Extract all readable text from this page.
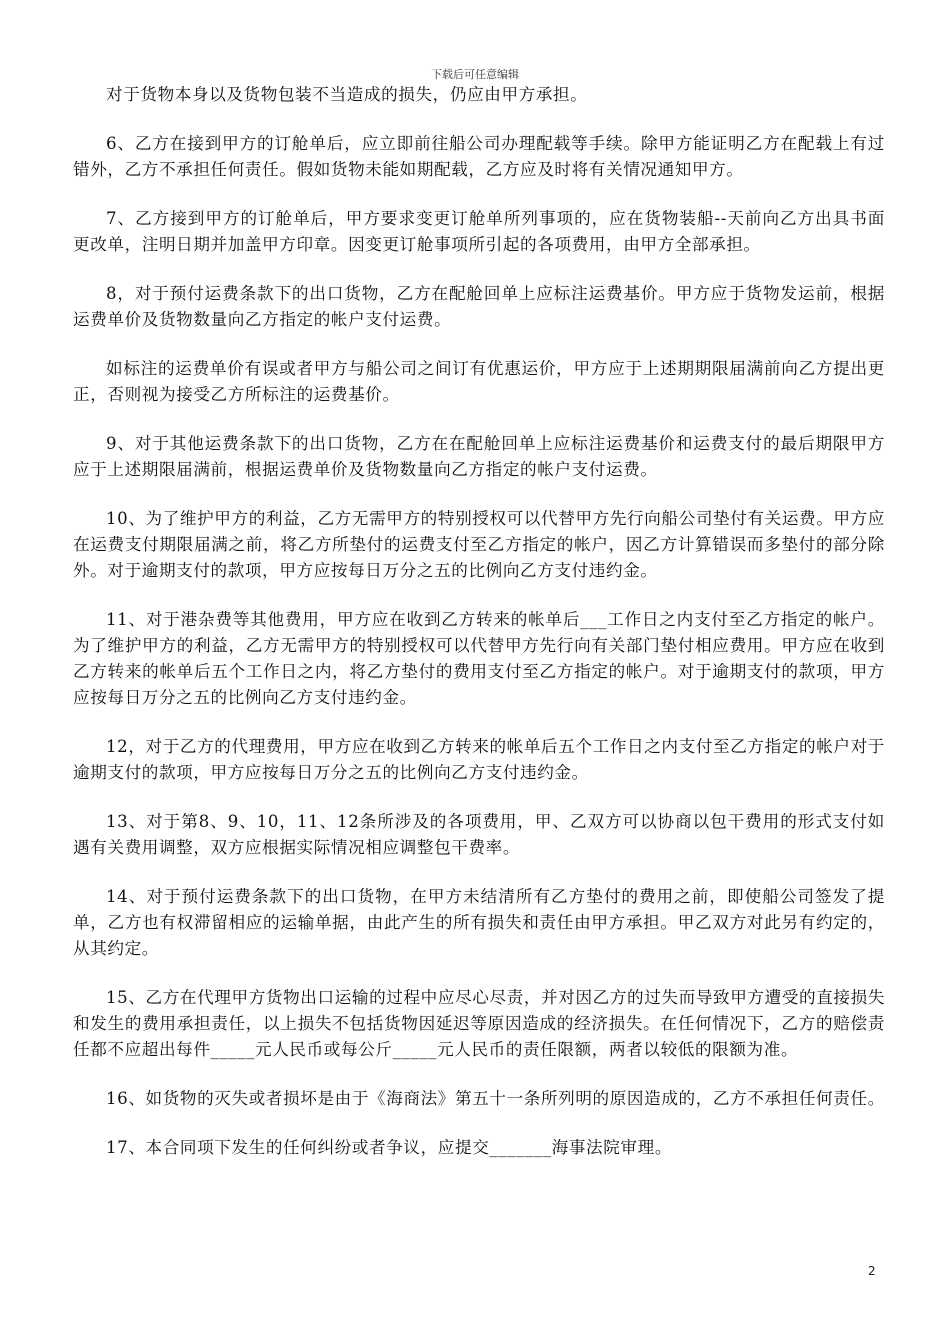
下载后可任意编辑

对于货物本身以及货物包装不当造成的损失，仍应由甲方承担。

6、乙方在接到甲方的订舱单后，应立即前往船公司办理配载等手续。除甲方能证明乙方在配载上有过错外，乙方不承担任何责任。假如货物未能如期配载，乙方应及时将有关情况通知甲方。

7、乙方接到甲方的订舱单后，甲方要求变更订舱单所列事项的，应在货物装船--天前向乙方出具书面更改单，注明日期并加盖甲方印章。因变更订舱事项所引起的各项费用，由甲方全部承担。

8，对于预付运费条款下的出口货物，乙方在配舱回单上应标注运费基价。甲方应于货物发运前，根据运费单价及货物数量向乙方指定的帐户支付运费。

如标注的运费单价有误或者甲方与船公司之间订有优惠运价，甲方应于上述期期限届满前向乙方提出更正，否则视为接受乙方所标注的运费基价。

9、对于其他运费条款下的出口货物，乙方在在配舱回单上应标注运费基价和运费支付的最后期限甲方应于上述期限届满前，根据运费单价及货物数量向乙方指定的帐户支付运费。

10、为了维护甲方的利益，乙方无需甲方的特别授权可以代替甲方先行向船公司垫付有关运费。甲方应在运费支付期限届满之前，将乙方所垫付的运费支付至乙方指定的帐户，因乙方计算错误而多垫付的部分除外。对于逾期支付的款项，甲方应按每日万分之五的比例向乙方支付违约金。

11、对于港杂费等其他费用，甲方应在收到乙方转来的帐单后___工作日之内支付至乙方指定的帐户。为了维护甲方的利益，乙方无需甲方的特别授权可以代替甲方先行向有关部门垫付相应费用。甲方应在收到乙方转来的帐单后五个工作日之内，将乙方垫付的费用支付至乙方指定的帐户。对于逾期支付的款项，甲方应按每日万分之五的比例向乙方支付违约金。

12，对于乙方的代理费用，甲方应在收到乙方转来的帐单后五个工作日之内支付至乙方指定的帐户对于逾期支付的款项，甲方应按每日万分之五的比例向乙方支付违约金。

13、对于第8、9、10，11、12条所涉及的各项费用，甲、乙双方可以协商以包干费用的形式支付如遇有关费用调整，双方应根据实际情况相应调整包干费率。

14、对于预付运费条款下的出口货物，在甲方未结清所有乙方垫付的费用之前，即使船公司签发了提单，乙方也有权滞留相应的运输单据，由此产生的所有损失和责任由甲方承担。甲乙双方对此另有约定的，从其约定。

15、乙方在代理甲方货物出口运输的过程中应尽心尽责，并对因乙方的过失而导致甲方遭受的直接损失和发生的费用承担责任，以上损失不包括货物因延迟等原因造成的经济损失。在任何情况下，乙方的赔偿责任都不应超出每件_____元人民币或每公斤_____元人民币的责任限额，两者以较低的限额为准。

16、如货物的灭失或者损坏是由于《海商法》第五十一条所列明的原因造成的，乙方不承担任何责任。

17、本合同项下发生的任何纠纷或者争议，应提交_______海事法院审理。

2
